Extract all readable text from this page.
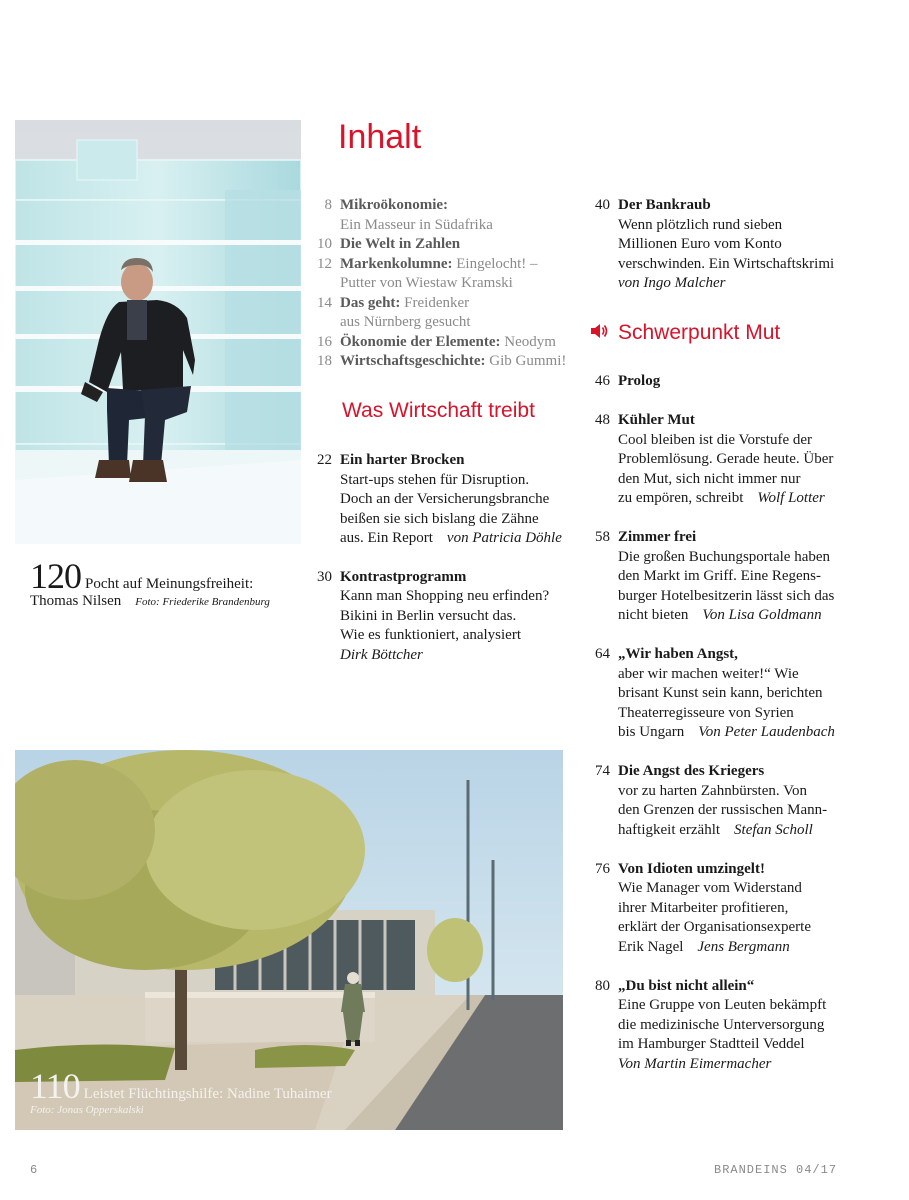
120 Pocht auf Meinungsfreiheit:
Thomas Nilsen Foto: Friederike Brandenburg
110 Leistet Flüchtingshilfe: Nadine Tuhaimer
Foto: Jonas Opperskalski
Inhalt
8 Mikroökonomie:
Ein Masseur in Südafrika
10 Die Welt in Zahlen
12 Markenkolumne: Eingelocht! –
Putter von Wiestaw Kramski
14 Das geht: Freidenker
aus Nürnberg gesucht
16 Ökonomie der Elemente: Neodym
18 Wirtschaftsgeschichte: Gib Gummi!
Was Wirtschaft treibt
22 Ein harter Brocken
Start-ups stehen für Disruption.
Doch an der Versicherungsbranche
beißen sie sich bislang die Zähne
aus. Ein Report von Patricia Döhle
30 Kontrastprogramm
Kann man Shopping neu erfinden?
Bikini in Berlin versucht das.
Wie es funktioniert, analysiert
Dirk Böttcher
40 Der Bankraub
Wenn plötzlich rund sieben
Millionen Euro vom Konto
verschwinden. Ein Wirtschaftskrimi
von Ingo Malcher
Schwerpunkt Mut
46 Prolog
48 Kühler Mut
Cool bleiben ist die Vorstufe der
Problemlösung. Gerade heute. Über
den Mut, sich nicht immer nur
zu empören, schreibt Wolf Lotter
58 Zimmer frei
Die großen Buchungsportale haben
den Markt im Griff. Eine Regens-
burger Hotelbesitzerin lässt sich das
nicht bieten Von Lisa Goldmann
64 „Wir haben Angst,
aber wir machen weiter!“ Wie
brisant Kunst sein kann, berichten
Theaterregisseure von Syrien
bis Ungarn Von Peter Laudenbach
74 Die Angst des Kriegers
vor zu harten Zahnbürsten. Von
den Grenzen der russischen Mann-
haftigkeit erzählt Stefan Scholl
76 Von Idioten umzingelt!
Wie Manager vom Widerstand
ihrer Mitarbeiter profitieren,
erklärt der Organisationsexperte
Erik Nagel Jens Bergmann
80 „Du bist nicht allein“
Eine Gruppe von Leuten bekämpft
die medizinische Unterversorgung
im Hamburger Stadtteil Veddel
Von Martin Eimermacher
6	BRANDEINS 04/17
